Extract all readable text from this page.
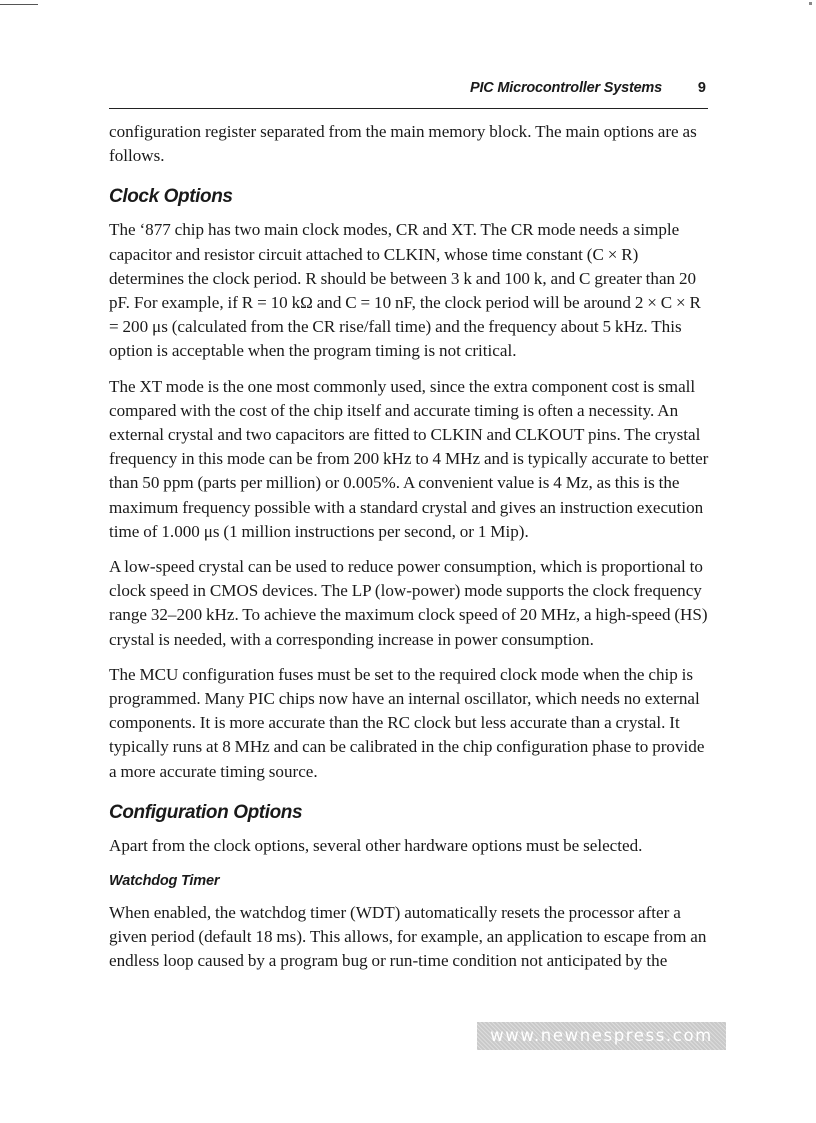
PIC Microcontroller Systems 9

configuration register separated from the main memory block. The main options are as follows.

Clock Options

The ‘877 chip has two main clock modes, CR and XT. The CR mode needs a simple capacitor and resistor circuit attached to CLKIN, whose time constant (C × R) determines the clock period. R should be between 3 k and 100 k, and C greater than 20 pF. For example, if R = 10 kΩ and C = 10 nF, the clock period will be around 2 × C × R = 200 μs (calculated from the CR rise/fall time) and the frequency about 5 kHz. This option is acceptable when the program timing is not critical.

The XT mode is the one most commonly used, since the extra component cost is small compared with the cost of the chip itself and accurate timing is often a necessity. An external crystal and two capacitors are fitted to CLKIN and CLKOUT pins. The crystal frequency in this mode can be from 200 kHz to 4 MHz and is typically accurate to better than 50 ppm (parts per million) or 0.005%. A convenient value is 4 Mz, as this is the maximum frequency possible with a standard crystal and gives an instruction execution time of 1.000 μs (1 million instructions per second, or 1 Mip).

A low-speed crystal can be used to reduce power consumption, which is proportional to clock speed in CMOS devices. The LP (low-power) mode supports the clock frequency range 32–200 kHz. To achieve the maximum clock speed of 20 MHz, a high-speed (HS) crystal is needed, with a corresponding increase in power consumption.

The MCU configuration fuses must be set to the required clock mode when the chip is programmed. Many PIC chips now have an internal oscillator, which needs no external components. It is more accurate than the RC clock but less accurate than a crystal. It typically runs at 8 MHz and can be calibrated in the chip configuration phase to provide a more accurate timing source.

Configuration Options

Apart from the clock options, several other hardware options must be selected.

Watchdog Timer

When enabled, the watchdog timer (WDT) automatically resets the processor after a given period (default 18 ms). This allows, for example, an application to escape from an endless loop caused by a program bug or run-time condition not anticipated by the

www.newnespress.com
